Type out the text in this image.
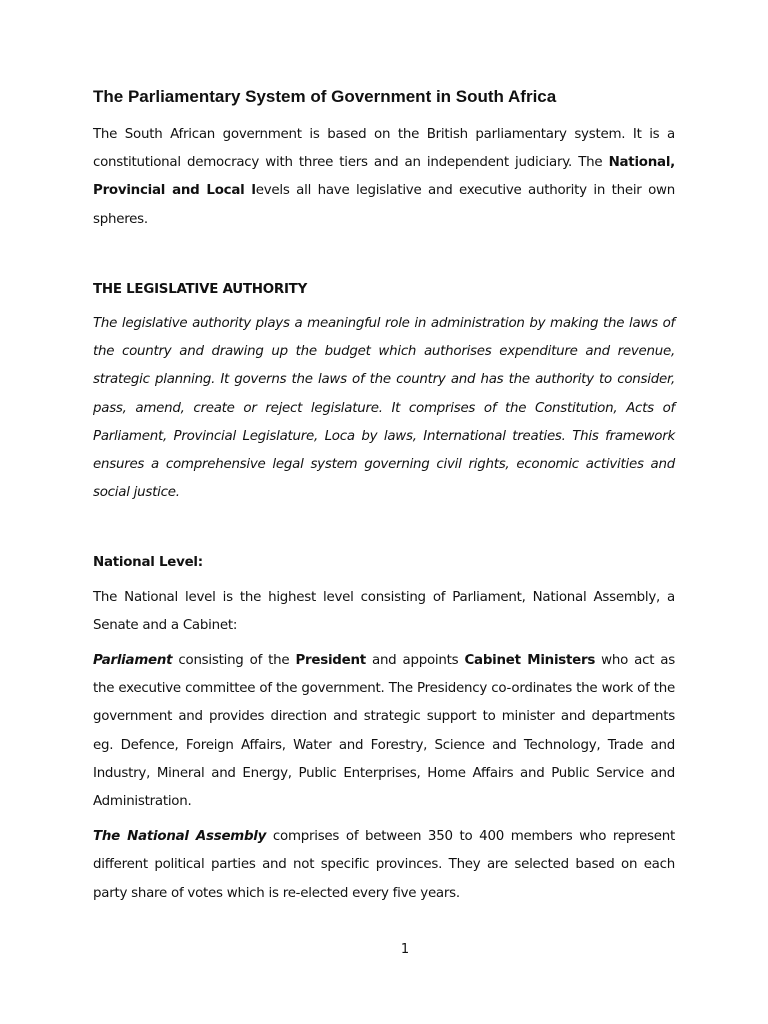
The Parliamentary System of Government in South Africa

The South African government is based on the British parliamentary system. It is a constitutional democracy with three tiers and an independent judiciary. The National, Provincial and Local levels all have legislative and executive authority in their own spheres.

THE LEGISLATIVE AUTHORITY

The legislative authority plays a meaningful role in administration by making the laws of the country and drawing up the budget which authorises expenditure and revenue, strategic planning. It governs the laws of the country and has the authority to consider, pass, amend, create or reject legislature. It comprises of the Constitution, Acts of Parliament, Provincial Legislature, Loca by laws, International treaties. This framework ensures a comprehensive legal system governing civil rights, economic activities and social justice.

National Level:

The National level is the highest level consisting of Parliament, National Assembly, a Senate and a Cabinet:

Parliament consisting of the President and appoints Cabinet Ministers who act as the executive committee of the government. The Presidency co-ordinates the work of the government and provides direction and strategic support to minister and departments eg. Defence, Foreign Affairs, Water and Forestry, Science and Technology, Trade and Industry, Mineral and Energy, Public Enterprises, Home Affairs and Public Service and Administration.

The National Assembly comprises of between 350 to 400 members who represent different political parties and not specific provinces. They are selected based on each party share of votes which is re-elected every five years.

1
